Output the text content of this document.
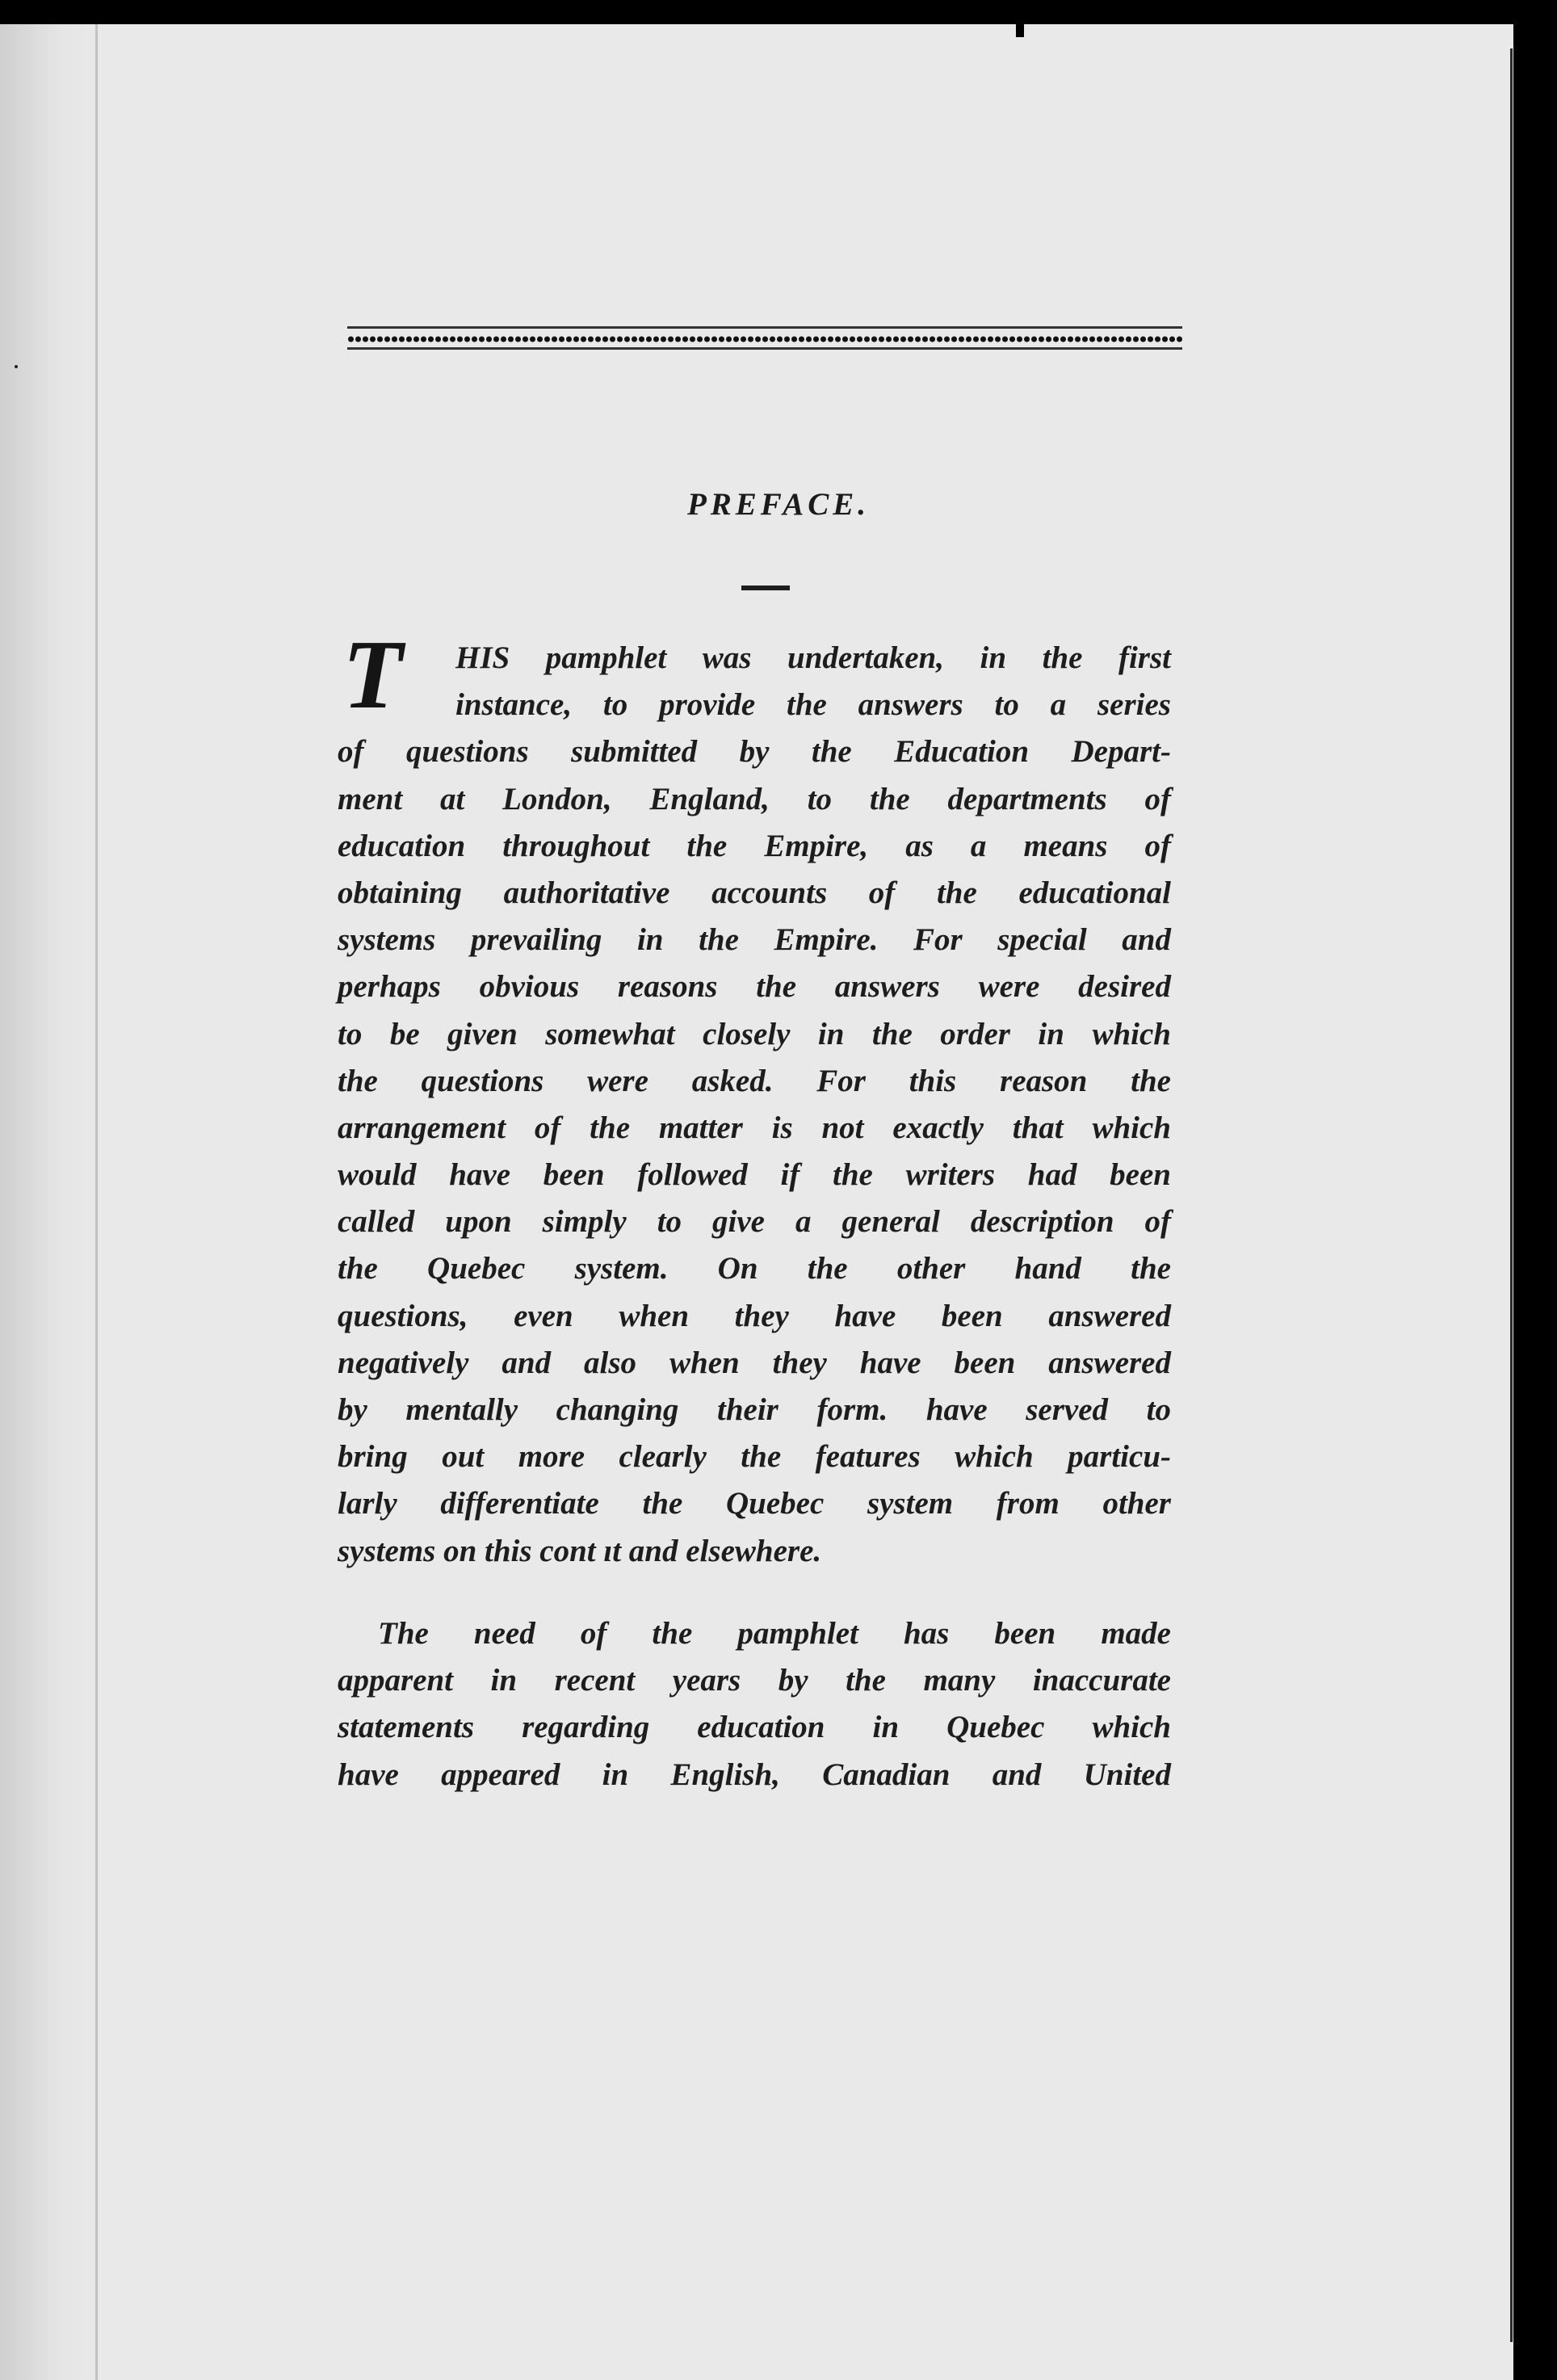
PREFACE.
T	HIS pamphlet was undertaken, in the first
instance, to provide the answers to a series
of questions submitted by the Education Depart-
ment at London, England, to the departments of
education throughout the Empire, as a means of
obtaining authoritative accounts of the educational
systems prevailing in the Empire. For special and
perhaps obvious reasons the answers were desired
to be given somewhat closely in the order in which
the questions were asked. For this reason the
arrangement of the matter is not exactly that which
would have been followed if the writers had been
called upon simply to give a general description of
the Quebec system. On the other hand the
questions, even when they have been answered
negatively and also when they have been answered
by mentally changing their form. have served to
bring out more clearly the features which particu-
larly differentiate the Quebec system from other
systems on this cont ıt and elsewhere.
The need of the pamphlet has been made
apparent in recent years by the many inaccurate
statements regarding education in Quebec which
have appeared in English, Canadian and United
